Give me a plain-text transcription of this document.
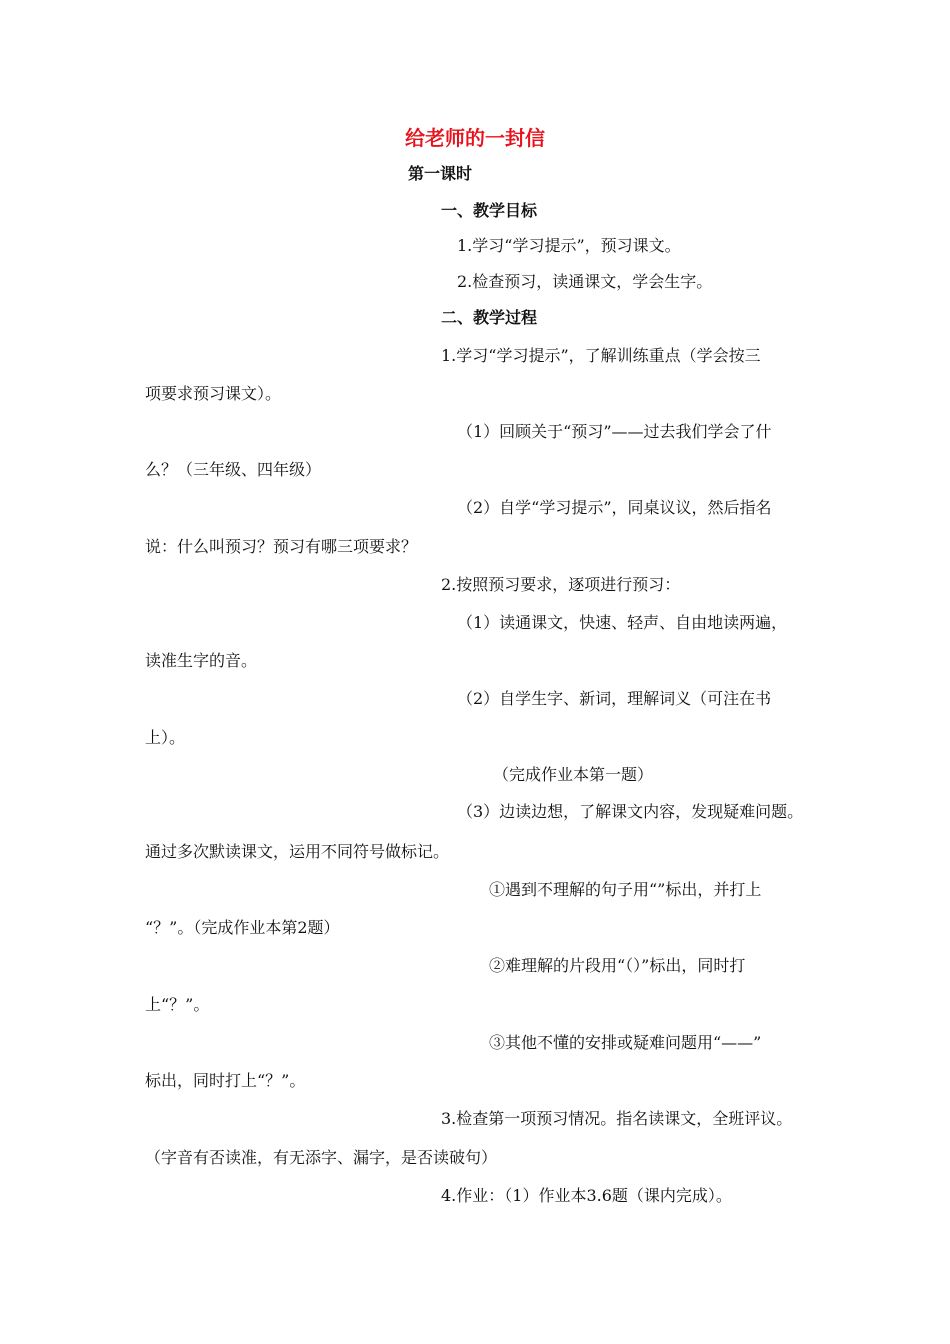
给老师的一封信
第一课时
一、教学目标
1.学习“学习提示”，预习课文。
2.检查预习，读通课文，学会生字。
二、教学过程
1.学习“学习提示”，了解训练重点（学会按三
项要求预习课文）。
（1）回顾关于“预习”——过去我们学会了什
么？（三年级、四年级）
（2）自学“学习提示”，同桌议议，然后指名
说：什么叫预习？预习有哪三项要求？
2.按照预习要求，逐项进行预习：
（1）读通课文，快速、轻声、自由地读两遍，
读准生字的音。
（2）自学生字、新词，理解词义（可注在书
上）。
（完成作业本第一题）
（3）边读边想，了解课文内容，发现疑难问题。
通过多次默读课文，运用不同符号做标记。
①遇到不理解的句子用“”标出，并打上
“？”。（完成作业本第2题）
②难理解的片段用“（）”标出，同时打
上“？”。
③其他不懂的安排或疑难问题用“——”
标出，同时打上“？”。
3.检查第一项预习情况。指名读课文，全班评议。
（字音有否读准，有无添字、漏字，是否读破句）
4.作业：（1）作业本3.6题（课内完成）。
